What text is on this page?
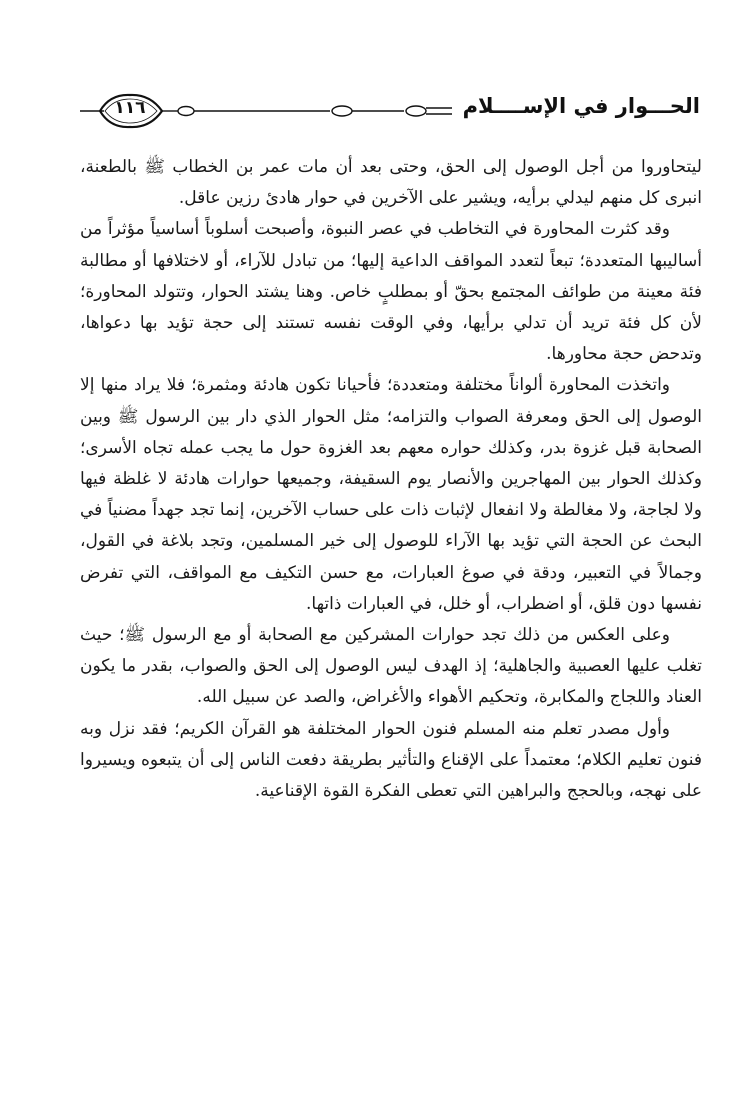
١١٦	الحـــوار في الإســــلام

ليتحاوروا من أجل الوصول إلى الحق، وحتى بعد أن مات عمر بن الخطاب ﷺ بالطعنة، انبرى كل منهم ليدلي برأيه، ويشير على الآخرين في حوار هادئ رزين عاقل.

وقد كثرت المحاورة في التخاطب في عصر النبوة، وأصبحت أسلوباً أساسياً مؤثراً من أساليبها المتعددة؛ تبعاً لتعدد المواقف الداعية إليها؛ من تبادل للآراء، أو لاختلافها أو مطالبة فئة معينة من طوائف المجتمع بحقّ أو بمطلبٍ خاص. وهنا يشتد الحوار، وتتولد المحاورة؛ لأن كل فئة تريد أن تدلي برأيها، وفي الوقت نفسه تستند إلى حجة تؤيد بها دعواها، وتدحض حجة محاورها.

واتخذت المحاورة ألواناً مختلفة ومتعددة؛ فأحيانا تكون هادئة ومثمرة؛ فلا يراد منها إلا الوصول إلى الحق ومعرفة الصواب والتزامه؛ مثل الحوار الذي دار بين الرسول ﷺ وبين الصحابة قبل غزوة بدر، وكذلك حواره معهم بعد الغزوة حول ما يجب عمله تجاه الأسرى؛ وكذلك الحوار بين المهاجرين والأنصار يوم السقيفة، وجميعها حوارات هادئة لا غلظة فيها ولا لجاجة، ولا مغالطة ولا انفعال لإثبات ذات على حساب الآخرين، إنما تجد جهداً مضنياً في البحث عن الحجة التي تؤيد بها الآراء للوصول إلى خير المسلمين، وتجد بلاغة في القول، وجمالاً في التعبير، ودقة في صوغ العبارات، مع حسن التكيف مع المواقف، التي تفرض نفسها دون قلق، أو اضطراب، أو خلل، في العبارات ذاتها.

وعلى العكس من ذلك تجد حوارات المشركين مع الصحابة أو مع الرسول ﷺ؛ حيث تغلب عليها العصبية والجاهلية؛ إذ الهدف ليس الوصول إلى الحق والصواب، بقدر ما يكون العناد واللجاج والمكابرة، وتحكيم الأهواء والأغراض، والصد عن سبيل الله.

وأول مصدر تعلم منه المسلم فنون الحوار المختلفة هو القرآن الكريم؛ فقد نزل وبه فنون تعليم الكلام؛ معتمداً على الإقناع والتأثير بطريقة دفعت الناس إلى أن يتبعوه ويسيروا على نهجه، وبالحجج والبراهين التي تعطى الفكرة القوة الإقناعية.
